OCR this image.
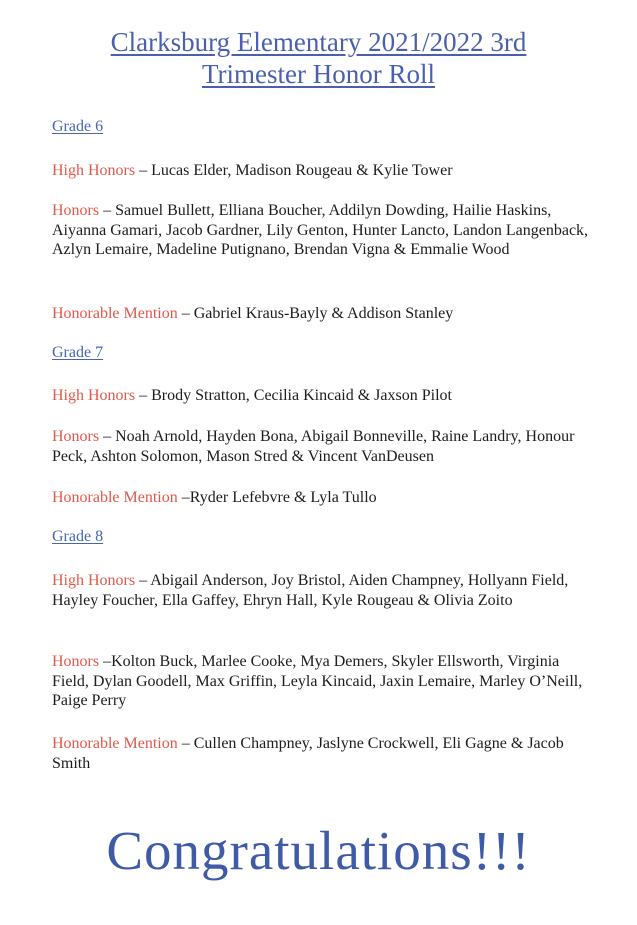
Clarksburg Elementary 2021/2022 3rd
Trimester Honor Roll
Grade 6
High Honors – Lucas Elder, Madison Rougeau & Kylie Tower
Honors – Samuel Bullett, Elliana Boucher, Addilyn Dowding, Hailie Haskins, Aiyanna Gamari, Jacob Gardner, Lily Genton, Hunter Lancto, Landon Langenback, Azlyn Lemaire, Madeline Putignano, Brendan Vigna & Emmalie Wood
Honorable Mention – Gabriel Kraus-Bayly & Addison Stanley
Grade 7
High Honors – Brody Stratton, Cecilia Kincaid & Jaxson Pilot
Honors – Noah Arnold, Hayden Bona, Abigail Bonneville, Raine Landry, Honour Peck, Ashton Solomon, Mason Stred & Vincent VanDeusen
Honorable Mention –Ryder Lefebvre & Lyla Tullo
Grade 8
High Honors – Abigail Anderson, Joy Bristol, Aiden Champney, Hollyann Field, Hayley Foucher, Ella Gaffey, Ehryn Hall, Kyle Rougeau & Olivia Zoito
Honors –Kolton Buck, Marlee Cooke, Mya Demers, Skyler Ellsworth, Virginia Field, Dylan Goodell, Max Griffin, Leyla Kincaid, Jaxin Lemaire, Marley O’Neill, Paige Perry
Honorable Mention – Cullen Champney, Jaslyne Crockwell, Eli Gagne & Jacob Smith
Congratulations!!!
